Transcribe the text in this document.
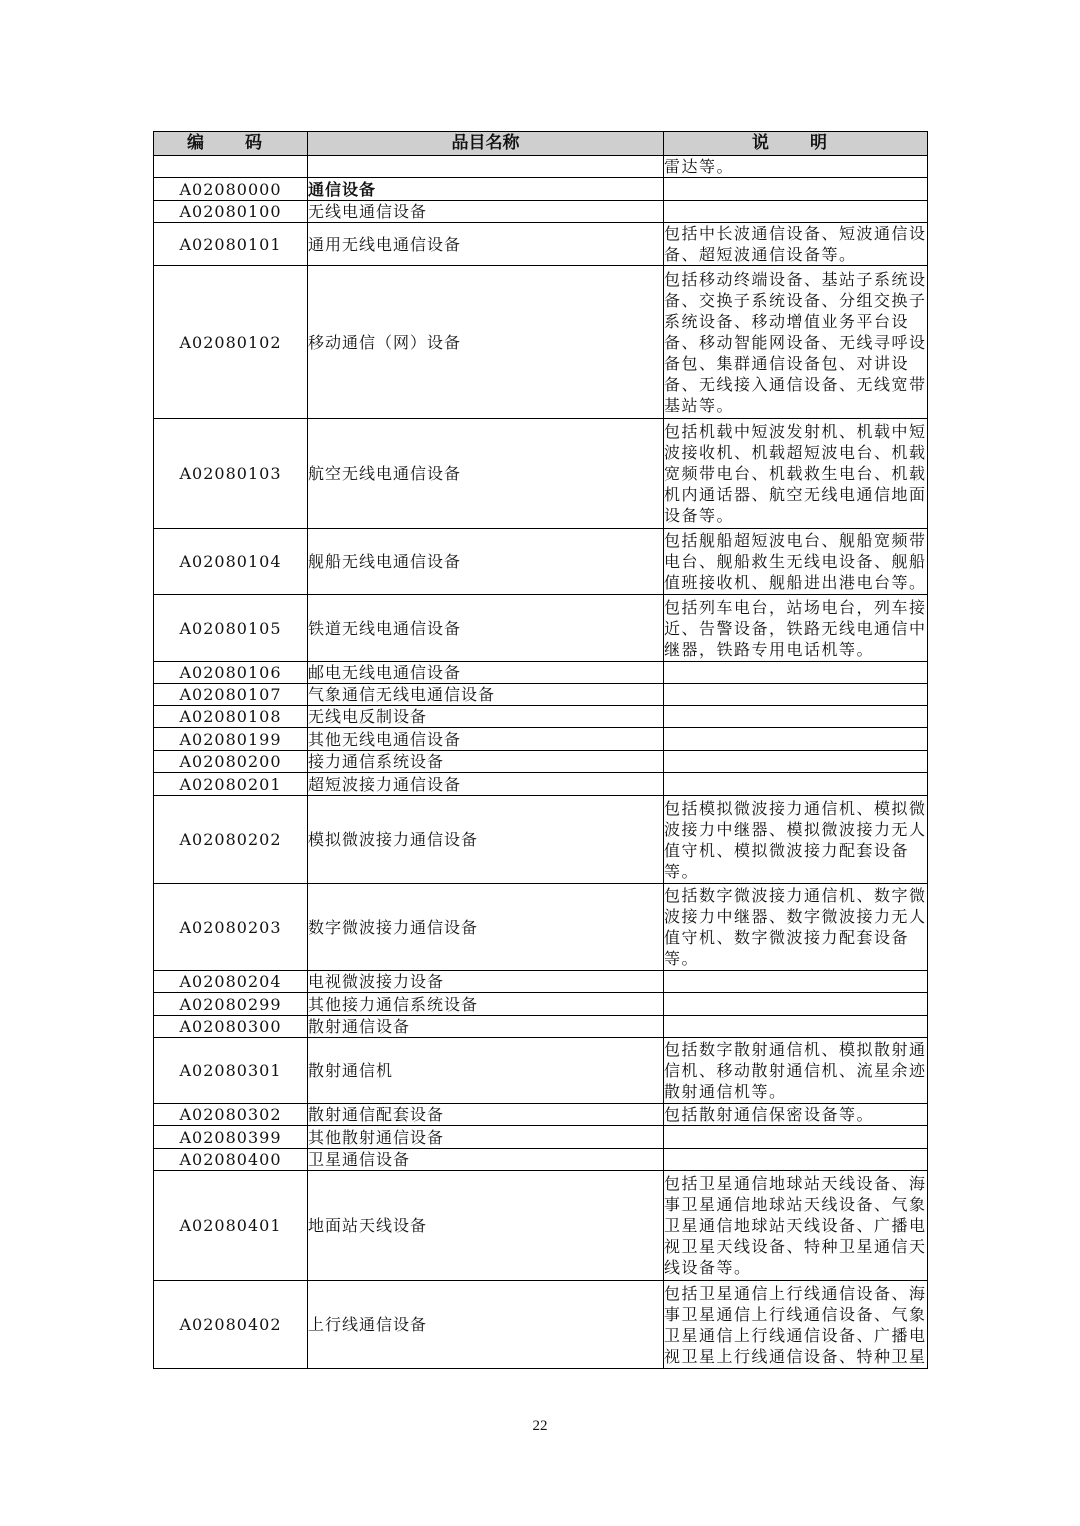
编　码	品目名称	说　明
		雷达等。
A02080000	通信设备	
A02080100	无线电通信设备	
A02080101	通用无线电通信设备	包括中长波通信设备、短波通信设备、超短波通信设备等。
A02080102	移动通信（网）设备	包括移动终端设备、基站子系统设备、交换子系统设备、分组交换子系统设备、移动增值业务平台设备、移动智能网设备、无线寻呼设备包、集群通信设备包、对讲设备、无线接入通信设备、无线宽带基站等。
A02080103	航空无线电通信设备	包括机载中短波发射机、机载中短波接收机、机载超短波电台、机载宽频带电台、机载救生电台、机载机内通话器、航空无线电通信地面设备等。
A02080104	舰船无线电通信设备	包括舰船超短波电台、舰船宽频带电台、舰船救生无线电设备、舰船值班接收机、舰船进出港电台等。
A02080105	铁道无线电通信设备	包括列车电台，站场电台，列车接近、告警设备，铁路无线电通信中继器，铁路专用电话机等。
A02080106	邮电无线电通信设备	
A02080107	气象通信无线电通信设备	
A02080108	无线电反制设备	
A02080199	其他无线电通信设备	
A02080200	接力通信系统设备	
A02080201	超短波接力通信设备	
A02080202	模拟微波接力通信设备	包括模拟微波接力通信机、模拟微波接力中继器、模拟微波接力无人值守机、模拟微波接力配套设备等。
A02080203	数字微波接力通信设备	包括数字微波接力通信机、数字微波接力中继器、数字微波接力无人值守机、数字微波接力配套设备等。
A02080204	电视微波接力设备	
A02080299	其他接力通信系统设备	
A02080300	散射通信设备	
A02080301	散射通信机	包括数字散射通信机、模拟散射通信机、移动散射通信机、流星余迹散射通信机等。
A02080302	散射通信配套设备	包括散射通信保密设备等。
A02080399	其他散射通信设备	
A02080400	卫星通信设备	
A02080401	地面站天线设备	包括卫星通信地球站天线设备、海事卫星通信地球站天线设备、气象卫星通信地球站天线设备、广播电视卫星天线设备、特种卫星通信天线设备等。
A02080402	上行线通信设备	包括卫星通信上行线通信设备、海事卫星通信上行线通信设备、气象卫星通信上行线通信设备、广播电视卫星上行线通信设备、特种卫星
22
